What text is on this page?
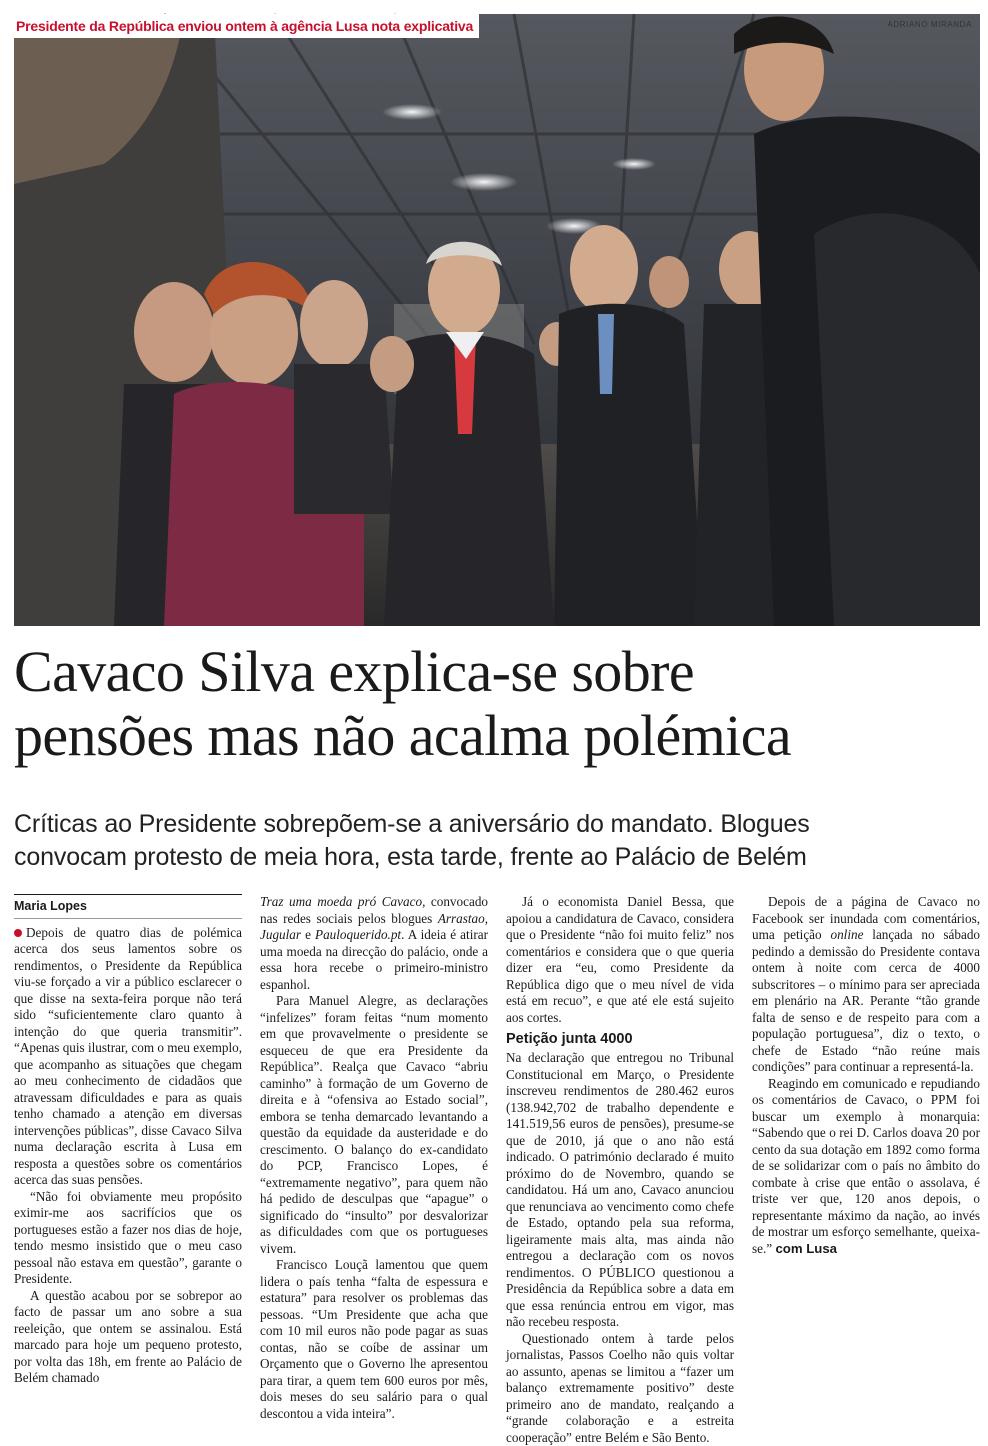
ADRIANO MIRANDA
Presidente da República enviou ontem à agência Lusa nota explicativa
Cavaco Silva explica-se sobre
pensões mas não acalma polémica
Críticas ao Presidente sobrepõem-se a aniversário do mandato. Blogues
convocam protesto de meia hora, esta tarde, frente ao Palácio de Belém
Maria Lopes

Depois de quatro dias de polémica acerca dos seus lamentos sobre os rendimentos, o Presidente da República viu-se forçado a vir a público esclarecer o que disse na sexta-feira porque não terá sido “suficientemente claro quanto à intenção do que queria transmitir”. “Apenas quis ilustrar, com o meu exemplo, que acompanho as situações que chegam ao meu conhecimento de cidadãos que atravessam dificuldades e para as quais tenho chamado a atenção em diversas intervenções públicas”, disse Cavaco Silva numa declaração escrita à Lusa em resposta a questões sobre os comentários acerca das suas pensões.

“Não foi obviamente meu propósito eximir-me aos sacrifícios que os portugueses estão a fazer nos dias de hoje, tendo mesmo insistido que o meu caso pessoal não estava em questão”, garante o Presidente.

A questão acabou por se sobrepor ao facto de passar um ano sobre a sua reeleição, que ontem se assinalou. Está marcado para hoje um pequeno protesto, por volta das 18h, em frente ao Palácio de Belém chamado

Traz uma moeda pró Cavaco, convocado nas redes sociais pelos blogues Arrastao, Jugular e Pauloquerido.pt. A ideia é atirar uma moeda na direcção do palácio, onde a essa hora recebe o primeiro-ministro espanhol.

Para Manuel Alegre, as declarações “infelizes” foram feitas “num momento em que provavelmente o presidente se esqueceu de que era Presidente da República”. Realça que Cavaco “abriu caminho” à formação de um Governo de direita e à “ofensiva ao Estado social”, embora se tenha demarcado levantando a questão da equidade da austeridade e do crescimento. O balanço do ex-candidato do PCP, Francisco Lopes, é “extremamente negativo”, para quem não há pedido de desculpas que “apague” o significado do “insulto” por desvalorizar as dificuldades com que os portugueses vivem.

Francisco Louçã lamentou que quem lidera o país tenha “falta de espessura e estatura” para resolver os problemas das pessoas. “Um Presidente que acha que com 10 mil euros não pode pagar as suas contas, não se coíbe de assinar um Orçamento que o Governo lhe apresentou para tirar, a quem tem 600 euros por mês, dois meses do seu salário para o qual descontou a vida inteira”.

Já o economista Daniel Bessa, que apoiou a candidatura de Cavaco, considera que o Presidente “não foi muito feliz” nos comentários e considera que o que queria dizer era “eu, como Presidente da República digo que o meu nível de vida está em recuo”, e que até ele está sujeito aos cortes.

Petição junta 4000

Na declaração que entregou no Tribunal Constitucional em Março, o Presidente inscreveu rendimentos de 280.462 euros (138.942,702 de trabalho dependente e 141.519,56 euros de pensões), presume-se que de 2010, já que o ano não está indicado. O património declarado é muito próximo do de Novembro, quando se candidatou. Há um ano, Cavaco anunciou que renunciava ao vencimento como chefe de Estado, optando pela sua reforma, ligeiramente mais alta, mas ainda não entregou a declaração com os novos rendimentos. O PÚBLICO questionou a Presidência da República sobre a data em que essa renúncia entrou em vigor, mas não recebeu resposta.

Questionado ontem à tarde pelos jornalistas, Passos Coelho não quis voltar ao assunto, apenas se limitou a “fazer um balanço extremamente positivo” deste primeiro ano de mandato, realçando a “grande colaboração e a estreita cooperação” entre Belém e São Bento.

Depois de a página de Cavaco no Facebook ser inundada com comentários, uma petição online lançada no sábado pedindo a demissão do Presidente contava ontem à noite com cerca de 4000 subscritores – o mínimo para ser apreciada em plenário na AR. Perante “tão grande falta de senso e de respeito para com a população portuguesa”, diz o texto, o chefe de Estado “não reúne mais condições” para continuar a representá-la.

Reagindo em comunicado e repudiando os comentários de Cavaco, o PPM foi buscar um exemplo à monarquia: “Sabendo que o rei D. Carlos doava 20 por cento da sua dotação em 1892 como forma de se solidarizar com o país no âmbito do combate à crise que então o assolava, é triste ver que, 120 anos depois, o representante máximo da nação, ao invés de mostrar um esforço semelhante, queixa-se.” com Lusa
